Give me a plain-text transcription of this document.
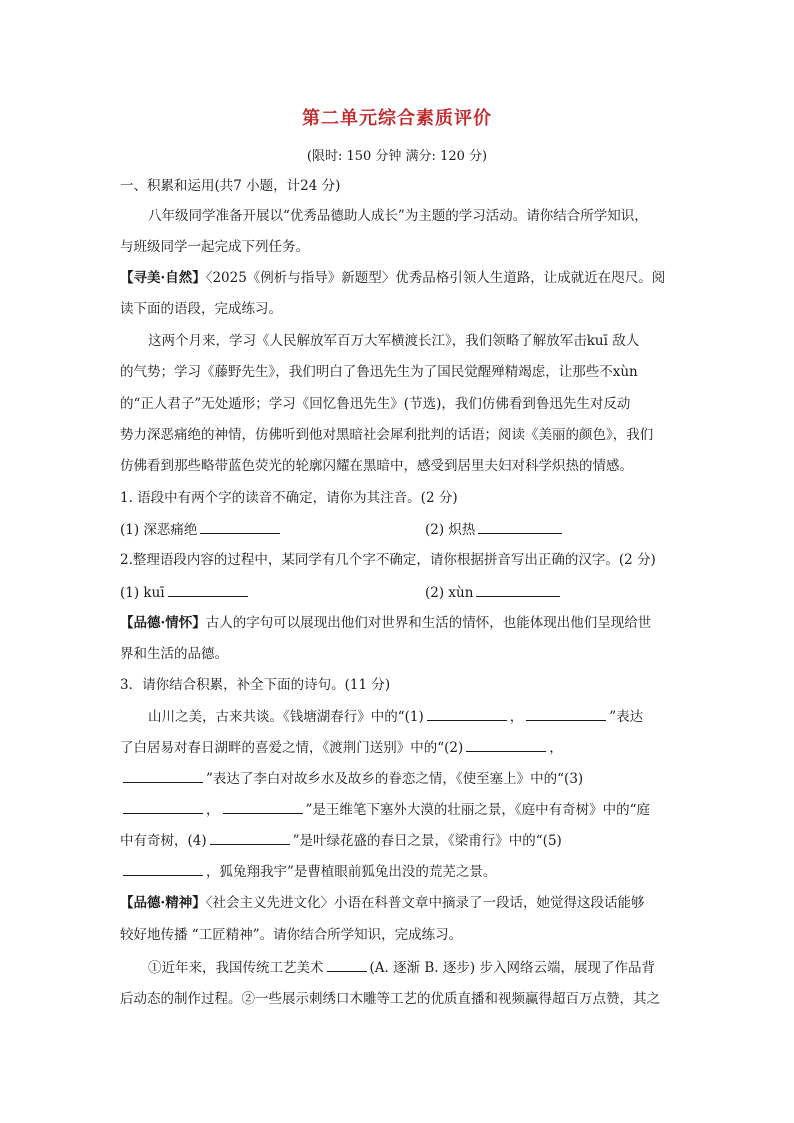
第二单元综合素质评价
(限时: 150 分钟 满分: 120 分)
一、积累和运用(共7 小题，计24 分)
八年级同学准备开展以“优秀品德助人成长”为主题的学习活动。请你结合所学知识，
与班级同学一起完成下列任务。
【寻美·自然】〈2025《例析与指导》新题型〉优秀品格引领人生道路，让成就近在咫尺。阅
读下面的语段，完成练习。
这两个月来，学习《人民解放军百万大军横渡长江》，我们领略了解放军击kuī 敌人
的气势；学习《藤野先生》，我们明白了鲁迅先生为了国民觉醒殚精竭虑，让那些不xùn
的“正人君子”无处遁形；学习《回忆鲁迅先生》(节选)，我们仿佛看到鲁迅先生对反动
势力深恶痛绝的神情，仿佛听到他对黑暗社会犀利批判的话语；阅读《美丽的颜色》，我们
仿佛看到那些略带蓝色荧光的轮廓闪耀在黑暗中，感受到居里夫妇对科学炽热的情感。
1. 语段中有两个字的读音不确定，请你为其注音。(2 分)
(1) 深恶痛绝	(2) 炽热
2.整理语段内容的过程中，某同学有几个字不确定，请你根据拼音写出正确的汉字。(2 分)
(1) kuī	(2) xùn
【品德·情怀】古人的字句可以展现出他们对世界和生活的情怀，也能体现出他们呈现给世
界和生活的品德。
3．请你结合积累，补全下面的诗句。(11 分)
山川之美，古来共谈。《钱塘湖春行》中的“(1)	，	”表达
了白居易对春日湖畔的喜爱之情，《渡荆门送别》中的“(2)	，
”表达了李白对故乡水及故乡的眷恋之情，《使至塞上》中的“(3)
，	”是王维笔下塞外大漠的壮丽之景，《庭中有奇树》中的“庭
中有奇树，(4)	”是叶绿花盛的春日之景，《梁甫行》中的“(5)
，狐兔翔我宇”是曹植眼前狐兔出没的荒芜之景。
【品德·精神】〈社会主义先进文化〉小语在科普文章中摘录了一段话，她觉得这段话能够
较好地传播 “工匠精神”。请你结合所学知识，完成练习。
①近年来，我国传统工艺美术	(A. 逐渐 B. 逐步) 步入网络云端，展现了作品背
后动态的制作过程。②一些展示刺绣口木雕等工艺的优质直播和视频赢得超百万点赞，其之
